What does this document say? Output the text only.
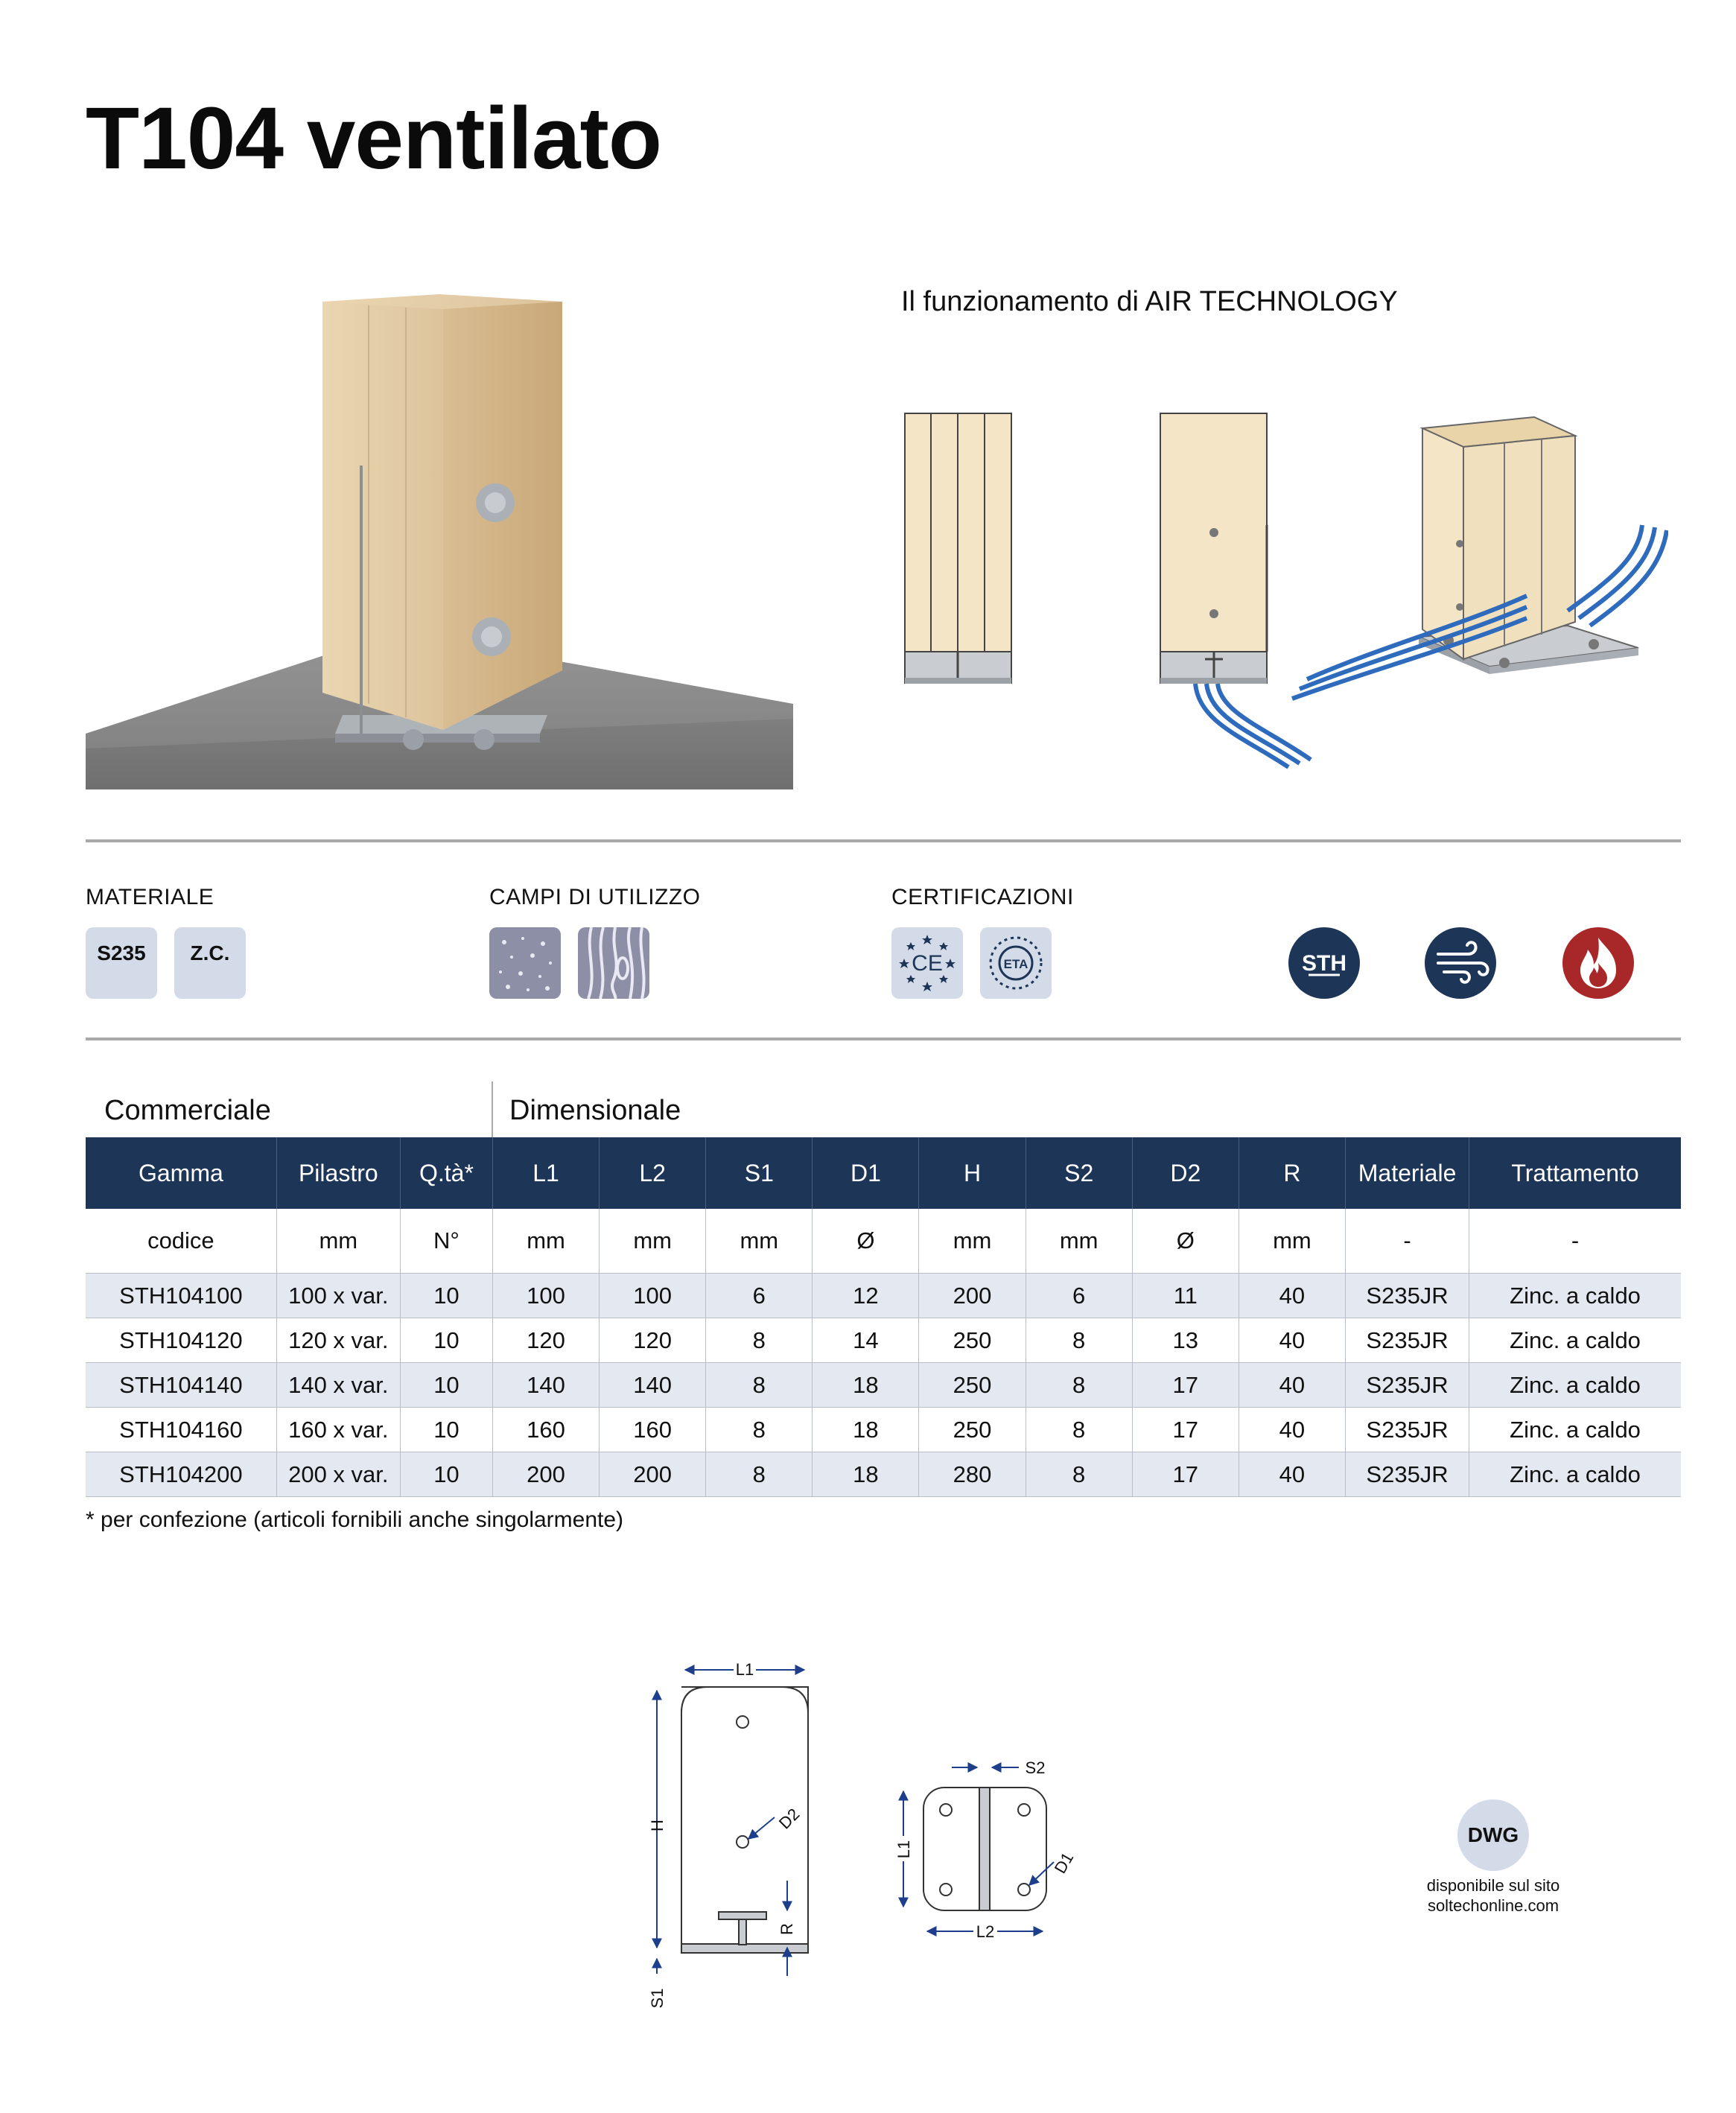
T104 ventilato
Il funzionamento di AIR TECHNOLOGY
MATERIALE	CAMPI DI UTILIZZO	CERTIFICAZIONI
S235	Z.C.	CE	ETA	STH
Commerciale	Dimensionale
Gamma	Pilastro	Q.tà*	L1	L2	S1	D1	H	S2	D2	R	Materiale	Trattamento
codice	mm	N°	mm	mm	mm	Ø	mm	mm	Ø	mm	-	-
STH104100	100 x var.	10	100	100	6	12	200	6	11	40	S235JR	Zinc. a caldo
STH104120	120 x var.	10	120	120	8	14	250	8	13	40	S235JR	Zinc. a caldo
STH104140	140 x var.	10	140	140	8	18	250	8	17	40	S235JR	Zinc. a caldo
STH104160	160 x var.	10	160	160	8	18	250	8	17	40	S235JR	Zinc. a caldo
STH104200	200 x var.	10	200	200	8	18	280	8	17	40	S235JR	Zinc. a caldo
* per confezione (articoli fornibili anche singolarmente)
L1
H
S1
D2
R
S2
L1
L2
D1
DWG
disponibile sul sito
soltechonline.com
